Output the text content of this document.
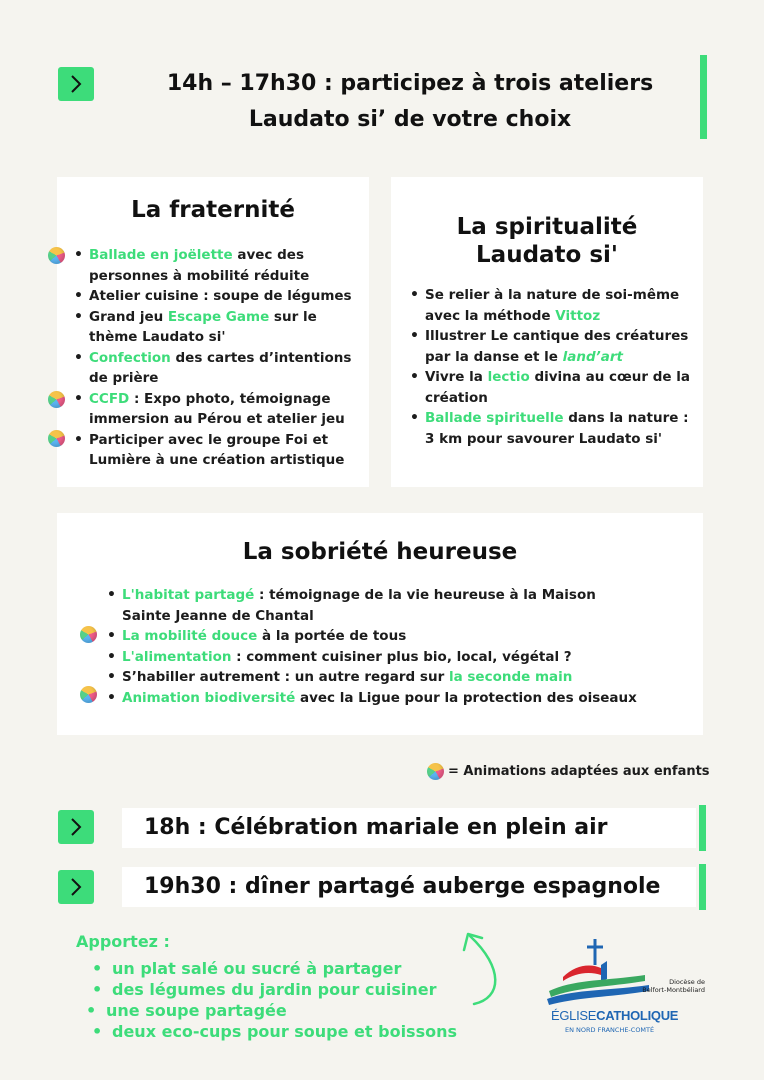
14h – 17h30 : participez à trois ateliers
Laudato si’ de votre choix
La fraternité
• Ballade en joëlette avec des personnes à mobilité réduite
• Atelier cuisine : soupe de légumes
• Grand jeu Escape Game sur le thème Laudato si'
• Confection des cartes d’intentions de prière
• CCFD : Expo photo, témoignage immersion au Pérou et atelier jeu
• Participer avec le groupe Foi et Lumière à une création artistique
La spiritualité
Laudato si'
• Se relier à la nature de soi-même avec la méthode Vittoz
• Illustrer Le cantique des créatures par la danse et le land’art
• Vivre la lectio divina au cœur de la création
• Ballade spirituelle dans la nature : 3 km pour savourer Laudato si'
La sobriété heureuse
• L'habitat partagé : témoignage de la vie heureuse à la Maison
Sainte Jeanne de Chantal
• La mobilité douce à la portée de tous
• L'alimentation : comment cuisiner plus bio, local, végétal ?
• S’habiller autrement : un autre regard sur la seconde main
• Animation biodiversité avec la Ligue pour la protection des oiseaux
= Animations adaptées aux enfants
18h : Célébration mariale en plein air
19h30 : dîner partagé auberge espagnole
Apportez :
• un plat salé ou sucré à partager
• des légumes du jardin pour cuisiner
• une soupe partagée
• deux eco-cups pour soupe et boissons
Diocèse de
Belfort-Montbéliard
ÉGLISECATHOLIQUE
EN NORD FRANCHE-COMTÉ
